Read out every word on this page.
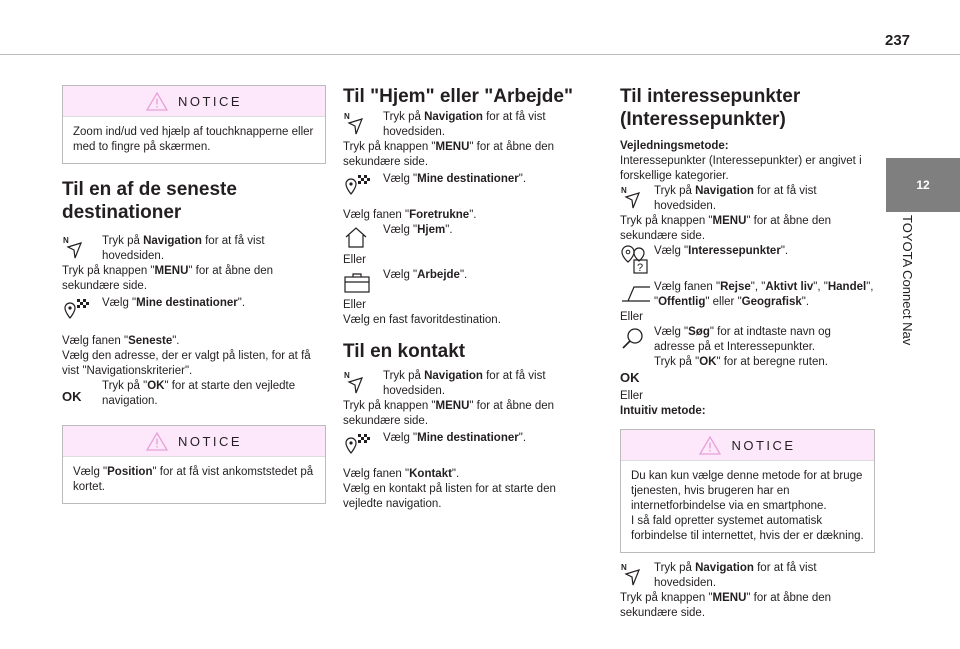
237
12
TOYOTA Connect Nav
NOTICE

Zoom ind/ud ved hjælp af touchknapperne eller med to fingre på skærmen.

Til en af de seneste destinationer
N	Tryk på Navigation for at få vist hovedsiden.

Tryk på knappen "MENU" for at åbne den sekundære side.

Vælg "Mine destinationer".

Vælg fanen "Seneste".

Vælg den adresse, der er valgt på listen, for at få vist "Navigationskriterier".

OK

Tryk på "OK" for at starte den vejledte navigation.

NOTICE

Vælg "Position" for at få vist ankomststedet på kortet.

Til "Hjem" eller "Arbejde"
N	Tryk på Navigation for at få vist hovedsiden.

Tryk på knappen "MENU" for at åbne den sekundære side.

Vælg "Mine destinationer".

Vælg fanen "Foretrukne".

Vælg "Hjem".

Eller

Vælg "Arbejde".

Eller

Vælg en fast favoritdestination.

Til en kontakt
N	Tryk på Navigation for at få vist hovedsiden.

Tryk på knappen "MENU" for at åbne den sekundære side.

Vælg "Mine destinationer".

Vælg fanen "Kontakt".

Vælg en kontakt på listen for at starte den vejledte navigation.

Til interessepunkter (Interessepunkter)

Vejledningsmetode:

Interessepunkter (Interessepunkter) er angivet i forskellige kategorier.

N Tryk på Navigation for at få vist hovedsiden.

Tryk på knappen "MENU" for at åbne den sekundære side.

?

Vælg "Interessepunkter".

Vælg fanen "Rejse", "Aktivt liv", "Handel", "Offentlig" eller "Geografisk".

Eller

Vælg "Søg" for at indtaste navn og adresse på et Interessepunkter.

OK

Tryk på "OK" for at beregne ruten.

Eller

Intuitiv metode:

NOTICE

Du kan kun vælge denne metode for at bruge tjenesten, hvis brugeren har en internetforbindelse via en smartphone.

I så fald opretter systemet automatisk forbindelse til internettet, hvis der er dækning.

N Tryk på Navigation for at få vist hovedsiden.

Tryk på knappen "MENU" for at åbne den sekundære side.
